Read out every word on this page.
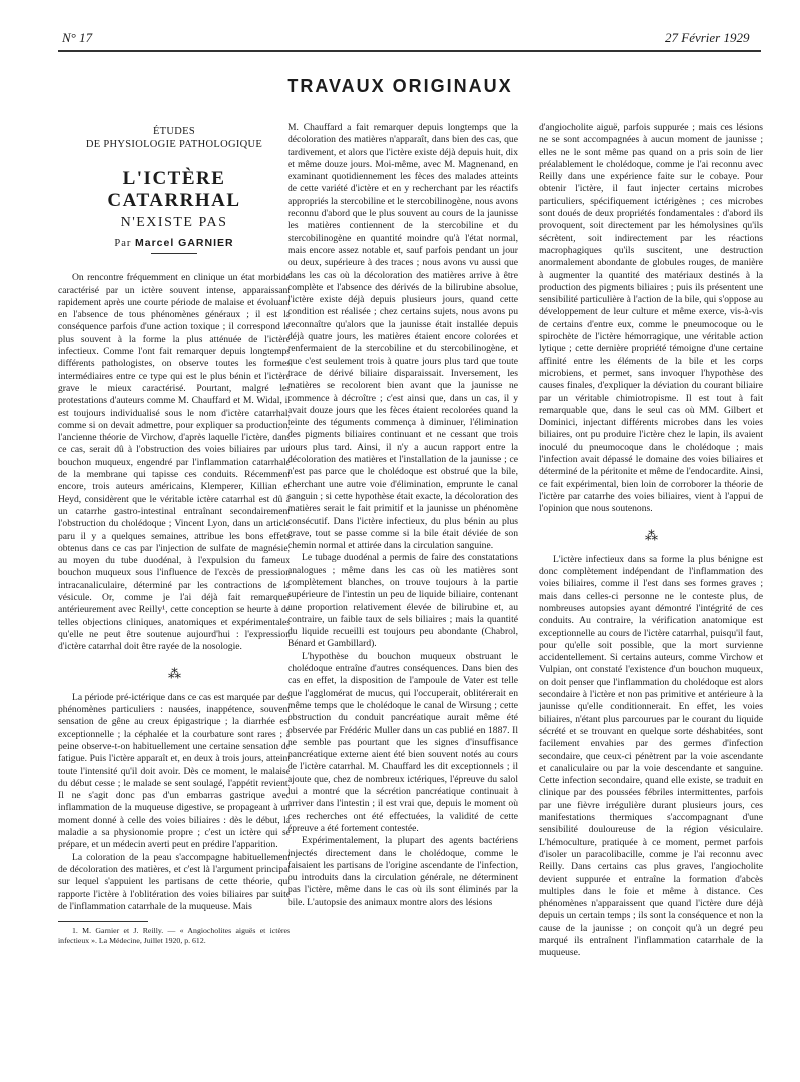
N° 17	27 Février 1929
TRAVAUX ORIGINAUX
ÉTUDES
DE PHYSIOLOGIE PATHOLOGIQUE
L'ICTÈRE CATARRHAL
N'EXISTE PAS
Par Marcel GARNIER

On rencontre fréquemment en clinique un état morbide caractérisé par un ictère souvent intense, apparaissant rapidement après une courte période de malaise et évoluant en l'absence de tous phénomènes généraux ; il est la conséquence parfois d'une action toxique ; il correspond le plus souvent à la forme la plus atténuée de l'ictère infectieux. Comme l'ont fait remarquer depuis longtemps différents pathologistes, on observe toutes les formes intermédiaires entre ce type qui est le plus bénin et l'ictère grave le mieux caractérisé. Pourtant, malgré les protestations d'auteurs comme M. Chauffard et M. Widal, il est toujours individualisé sous le nom d'ictère catarrhal, comme si on devait admettre, pour expliquer sa production, l'ancienne théorie de Virchow, d'après laquelle l'ictère, dans ce cas, serait dû à l'obstruction des voies biliaires par un bouchon muqueux, engendré par l'inflammation catarrhale de la membrane qui tapisse ces conduits. Récemment encore, trois auteurs américains, Klemperer, Killian et Heyd, considèrent que le véritable ictère catarrhal est dû à un catarrhe gastro-intestinal entraînant secondairement l'obstruction du cholédoque ; Vincent Lyon, dans un article paru il y a quelques semaines, attribue les bons effets obtenus dans ce cas par l'injection de sulfate de magnésie, au moyen du tube duodénal, à l'expulsion du fameux bouchon muqueux sous l'influence de l'excès de pression intracanaliculaire, déterminé par les contractions de la vésicule. Or, comme je l'ai déjà fait remarquer antérieurement avec Reilly¹, cette conception se heurte à de telles objections cliniques, anatomiques et expérimentales qu'elle ne peut être soutenue aujourd'hui : l'expression d'ictère catarrhal doit être rayée de la nosologie.

⁂

La période pré-ictérique dans ce cas est marquée par des phénomènes particuliers : nausées, inappétence, souvent sensation de gêne au creux épigastrique ; la diarrhée est exceptionnelle ; la céphalée et la courbature sont rares ; à peine observe-t-on habituellement une certaine sensation de fatigue. Puis l'ictère apparaît et, en deux à trois jours, atteint toute l'intensité qu'il doit avoir. Dès ce moment, le malaise du début cesse ; le malade se sent soulagé, l'appétit revient. Il ne s'agit donc pas d'un embarras gastrique avec inflammation de la muqueuse digestive, se propageant à un moment donné à celle des voies biliaires : dès le début, la maladie a sa physionomie propre ; c'est un ictère qui se prépare, et un médecin averti peut en prédire l'apparition.

La coloration de la peau s'accompagne habituellement de décoloration des matières, et c'est là l'argument principal sur lequel s'appuient les partisans de cette théorie, qui rapporte l'ictère à l'oblitération des voies biliaires par suite de l'inflammation catarrhale de la muqueuse. Mais

1. M. Garnier et J. Reilly. — « Angiocholites aiguës et ictères infectieux ». La Médecine, Juillet 1920, p. 612.

M. Chauffard a fait remarquer depuis longtemps que la décoloration des matières n'apparaît, dans bien des cas, que tardivement, et alors que l'ictère existe déjà depuis huit, dix et même douze jours. Moi-même, avec M. Magnenand, en examinant quotidiennement les fèces des malades atteints de cette variété d'ictère et en y recherchant par les réactifs appropriés la stercobiline et le stercobilinogène, nous avons reconnu d'abord que le plus souvent au cours de la jaunisse les matières contiennent de la stercobiline et du stercobilinogène en quantité moindre qu'à l'état normal, mais encore assez notable et, sauf parfois pendant un jour ou deux, supérieure à des traces ; nous avons vu aussi que dans les cas où la décoloration des matières arrive à être complète et l'absence des dérivés de la bilirubine absolue, l'ictère existe déjà depuis plusieurs jours, quand cette condition est réalisée ; chez certains sujets, nous avons pu reconnaître qu'alors que la jaunisse était installée depuis déjà quatre jours, les matières étaient encore colorées et renfermaient de la stercobiline et du stercobilinogène, et que c'est seulement trois à quatre jours plus tard que toute trace de dérivé biliaire disparaissait. Inversement, les matières se recolorent bien avant que la jaunisse ne commence à décroître ; c'est ainsi que, dans un cas, il y avait douze jours que les fèces étaient recolorées quand la teinte des téguments commença à diminuer, l'élimination des pigments biliaires continuant et ne cessant que trois jours plus tard. Ainsi, il n'y a aucun rapport entre la décoloration des matières et l'installation de la jaunisse ; ce n'est pas parce que le cholédoque est obstrué que la bile, cherchant une autre voie d'élimination, emprunte le canal sanguin ; si cette hypothèse était exacte, la décoloration des matières serait le fait primitif et la jaunisse un phénomène consécutif. Dans l'ictère infectieux, du plus bénin au plus grave, tout se passe comme si la bile était déviée de son chemin normal et attirée dans la circulation sanguine.

Le tubage duodénal a permis de faire des constatations analogues ; même dans les cas où les matières sont complètement blanches, on trouve toujours à la partie supérieure de l'intestin un peu de liquide biliaire, contenant une proportion relativement élevée de bilirubine et, au contraire, un faible taux de sels biliaires ; mais la quantité du liquide recueilli est toujours peu abondante (Chabrol, Bénard et Gambillard).

L'hypothèse du bouchon muqueux obstruant le cholédoque entraîne d'autres conséquences. Dans bien des cas en effet, la disposition de l'ampoule de Vater est telle que l'agglomérat de mucus, qui l'occuperait, oblitérerait en même temps que le cholédoque le canal de Wirsung ; cette obstruction du conduit pancréatique aurait même été observée par Frédéric Muller dans un cas publié en 1887. Il ne semble pas pourtant que les signes d'insuffisance pancréatique externe aient été bien souvent notés au cours de l'ictère catarrhal. M. Chauffard les dit exceptionnels ; il ajoute que, chez de nombreux ictériques, l'épreuve du salol lui a montré que la sécrétion pancréatique continuait à arriver dans l'intestin ; il est vrai que, depuis le moment où ces recherches ont été effectuées, la validité de cette épreuve a été fortement contestée.

Expérimentalement, la plupart des agents bactériens injectés directement dans le cholédoque, comme le faisaient les partisans de l'origine ascendante de l'infection, ou introduits dans la circulation générale, ne déterminent pas l'ictère, même dans le cas où ils sont éliminés par la bile. L'autopsie des animaux montre alors des lésions

d'angiocholite aiguë, parfois suppurée ; mais ces lésions ne se sont accompagnées à aucun moment de jaunisse ; elles ne le sont même pas quand on a pris soin de lier préalablement le cholédoque, comme je l'ai reconnu avec Reilly dans une expérience faite sur le cobaye. Pour obtenir l'ictère, il faut injecter certains microbes particuliers, spécifiquement ictérigènes ; ces microbes sont doués de deux propriétés fondamentales : d'abord ils provoquent, soit directement par les hémolysines qu'ils sécrètent, soit indirectement par les réactions macrophagiques qu'ils suscitent, une destruction anormalement abondante de globules rouges, de manière à augmenter la quantité des matériaux destinés à la production des pigments biliaires ; puis ils présentent une sensibilité particulière à l'action de la bile, qui s'oppose au développement de leur culture et même exerce, vis-à-vis de certains d'entre eux, comme le pneumocoque ou le spirochète de l'ictère hémorragique, une véritable action lytique ; cette dernière propriété témoigne d'une certaine affinité entre les éléments de la bile et les corps microbiens, et permet, sans invoquer l'hypothèse des causes finales, d'expliquer la déviation du courant biliaire par un véritable chimiotropisme. Il est tout à fait remarquable que, dans le seul cas où MM. Gilbert et Dominici, injectant différents microbes dans les voies biliaires, ont pu produire l'ictère chez le lapin, ils avaient inoculé du pneumocoque dans le cholédoque ; mais l'infection avait dépassé le domaine des voies biliaires et déterminé de la péritonite et même de l'endocardite. Ainsi, ce fait expérimental, bien loin de corroborer la théorie de l'ictère par catarrhe des voies biliaires, vient à l'appui de l'opinion que nous soutenons.

⁂

L'ictère infectieux dans sa forme la plus bénigne est donc complètement indépendant de l'inflammation des voies biliaires, comme il l'est dans ses formes graves ; mais dans celles-ci personne ne le conteste plus, de nombreuses autopsies ayant démontré l'intégrité de ces conduits. Au contraire, la vérification anatomique est exceptionnelle au cours de l'ictère catarrhal, puisqu'il faut, pour qu'elle soit possible, que la mort survienne accidentellement. Si certains auteurs, comme Virchow et Vulpian, ont constaté l'existence d'un bouchon muqueux, on doit penser que l'inflammation du cholédoque est alors secondaire à l'ictère et non pas primitive et antérieure à la jaunisse qu'elle conditionnerait. En effet, les voies biliaires, n'étant plus parcourues par le courant du liquide sécrété et se trouvant en quelque sorte déshabitées, sont facilement envahies par des germes d'infection secondaire, que ceux-ci pénètrent par la voie ascendante et canaliculaire ou par la voie descendante et sanguine. Cette infection secondaire, quand elle existe, se traduit en clinique par des poussées fébriles intermittentes, parfois par une fièvre irrégulière durant plusieurs jours, ces manifestations thermiques s'accompagnant d'une sensibilité douloureuse de la région vésiculaire. L'hémoculture, pratiquée à ce moment, permet parfois d'isoler un paracolibacille, comme je l'ai reconnu avec Reilly. Dans certains cas plus graves, l'angiocholite devient suppurée et entraîne la formation d'abcès multiples dans le foie et même à distance. Ces phénomènes n'apparaissent que quand l'ictère dure déjà depuis un certain temps ; ils sont la conséquence et non la cause de la jaunisse ; on conçoit qu'à un degré peu marqué ils entraînent l'inflammation catarrhale de la muqueuse.
